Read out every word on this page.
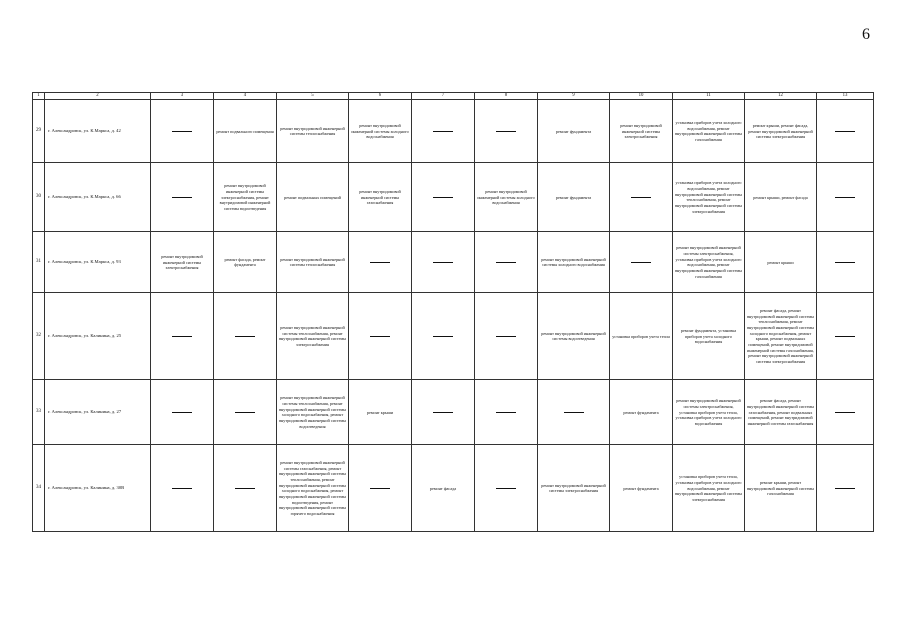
6
1	2	3	4	5	6	7	8	9	10	11	12	13
29	г. Александровск, ул. К.Маркса, д. 42		ремонт подвального помещения	ремонт внутридомовой инженерной системы теплоснабжения	ремонт внутридомовой инженерной системы холодного водоснабжения			ремонт фундамента	ремонт внутридомовой инженерной системы электроснабжения	установка приборов учета холодного водоснабжения, ремонт внутридомовой инженерной системы газоснабжения	ремонт крыши, ремонт фасада, ремонт внутридомовой инженерной системы электроснабжения	
30	г. Александровск, ул. К.Маркса, д. 66		ремонт внутридомовой инженерной системы электроснабжения, ремонт внутридомовой инженерной системы водоотведения	ремонт подвальных помещений	ремонт внутридомовой инженерной системы газоснабжения		ремонт внутридомовой инженерной системы холодного водоснабжения	ремонт фундамента		установка приборов учета холодного водоснабжения, ремонт внутридомовой инженерной системы теплоснабжения, ремонт внутридомовой инженерной системы электроснабжения	ремонт крыши, ремонт фасада	
31	г. Александровск, ул. К.Маркса, д. 93	ремонт внутридомовой инженерной системы электроснабжения	ремонт фасада, ремонт фундамента	ремонт внутридомовой инженерной системы теплоснабжения				ремонт внутридомовой инженерной системы холодного водоснабжения		ремонт внутридомовой инженерной системы электроснабжения, установка приборов учета холодного водоснабжения, ремонт внутридомовой инженерной системы газоснабжения	ремонт крыши	
32	г. Александровск, ул. Калинина, д. 25			ремонт внутридомовой инженерной системы теплоснабжения, ремонт внутридомовой инженерной системы электроснабжения				ремонт внутридомовой инженерной системы водоотведения	установка приборов учета тепла	ремонт фундамента, установка приборов учета холодного водоснабжения	ремонт фасада, ремонт внутридомовой инженерной системы теплоснабжения, ремонт внутридомовой инженерной системы холодного водоснабжения, ремонт крыши, ремонт подвальных помещений, ремонт внутридомовой инженерной системы газоснабжения, ремонт внутридомовой инженерной системы электроснабжения	
33	г. Александровск, ул. Калинина, д. 27			ремонт внутридомовой инженерной системы теплоснабжения, ремонт внутридомовой инженерной системы холодного водоснабжения, ремонт внутридомовой инженерной системы водоотведения	ремонт крыши				ремонт фундамента	ремонт внутридомовой инженерной системы электроснабжения, установка приборов учета тепла, установка приборов учета холодного водоснабжения	ремонт фасада, ремонт внутридомовой инженерной системы газоснабжения, ремонт подвальных помещений, ремонт внутридомовой инженерной системы газоснабжения	
34	г. Александровск, ул. Калинина, д. 30В			ремонт внутридомовой инженерной системы газоснабжения, ремонт внутридомовой инженерной системы теплоснабжения, ремонт внутридомовой инженерной системы холодного водоснабжения, ремонт внутридомовой инженерной системы водоотведения, ремонт внутридомовой инженерной системы горячего водоснабжения		ремонт фасада		ремонт внутридомовой инженерной системы электроснабжения	ремонт фундамента	установка приборов учета тепла, установка приборов учета холодного водоснабжения, ремонт внутридомовой инженерной системы электроснабжения	ремонт крыши, ремонт внутридомовой инженерной системы газоснабжения	
